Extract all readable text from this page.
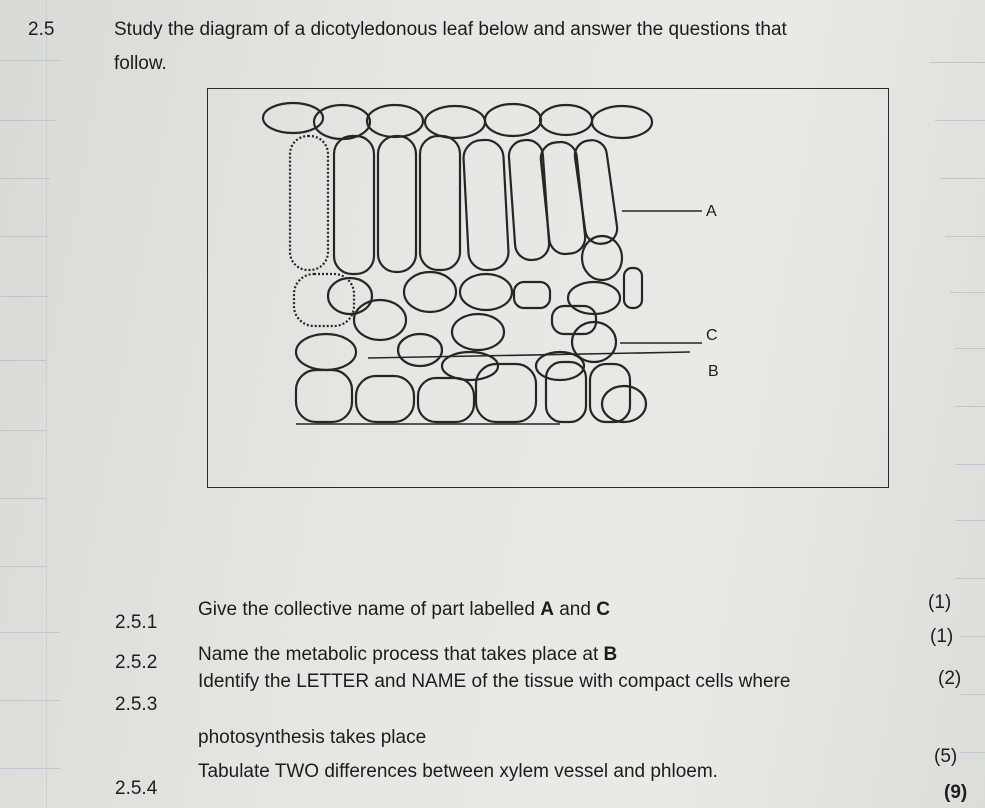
2.5	Study the diagram of a dicotyledonous leaf below and answer the questions that
follow.
A
C
B
2.5.1
Give the collective name of part labelled A and C	(1)
2.5.2 Name the metabolic process that takes place at B
(1)
2.5.3
Identify the LETTER and NAME of the tissue with compact cells where	(2)
photosynthesis takes place
2.5.4
Tabulate TWO differences between xylem vessel and phloem.
(5)
(9)
